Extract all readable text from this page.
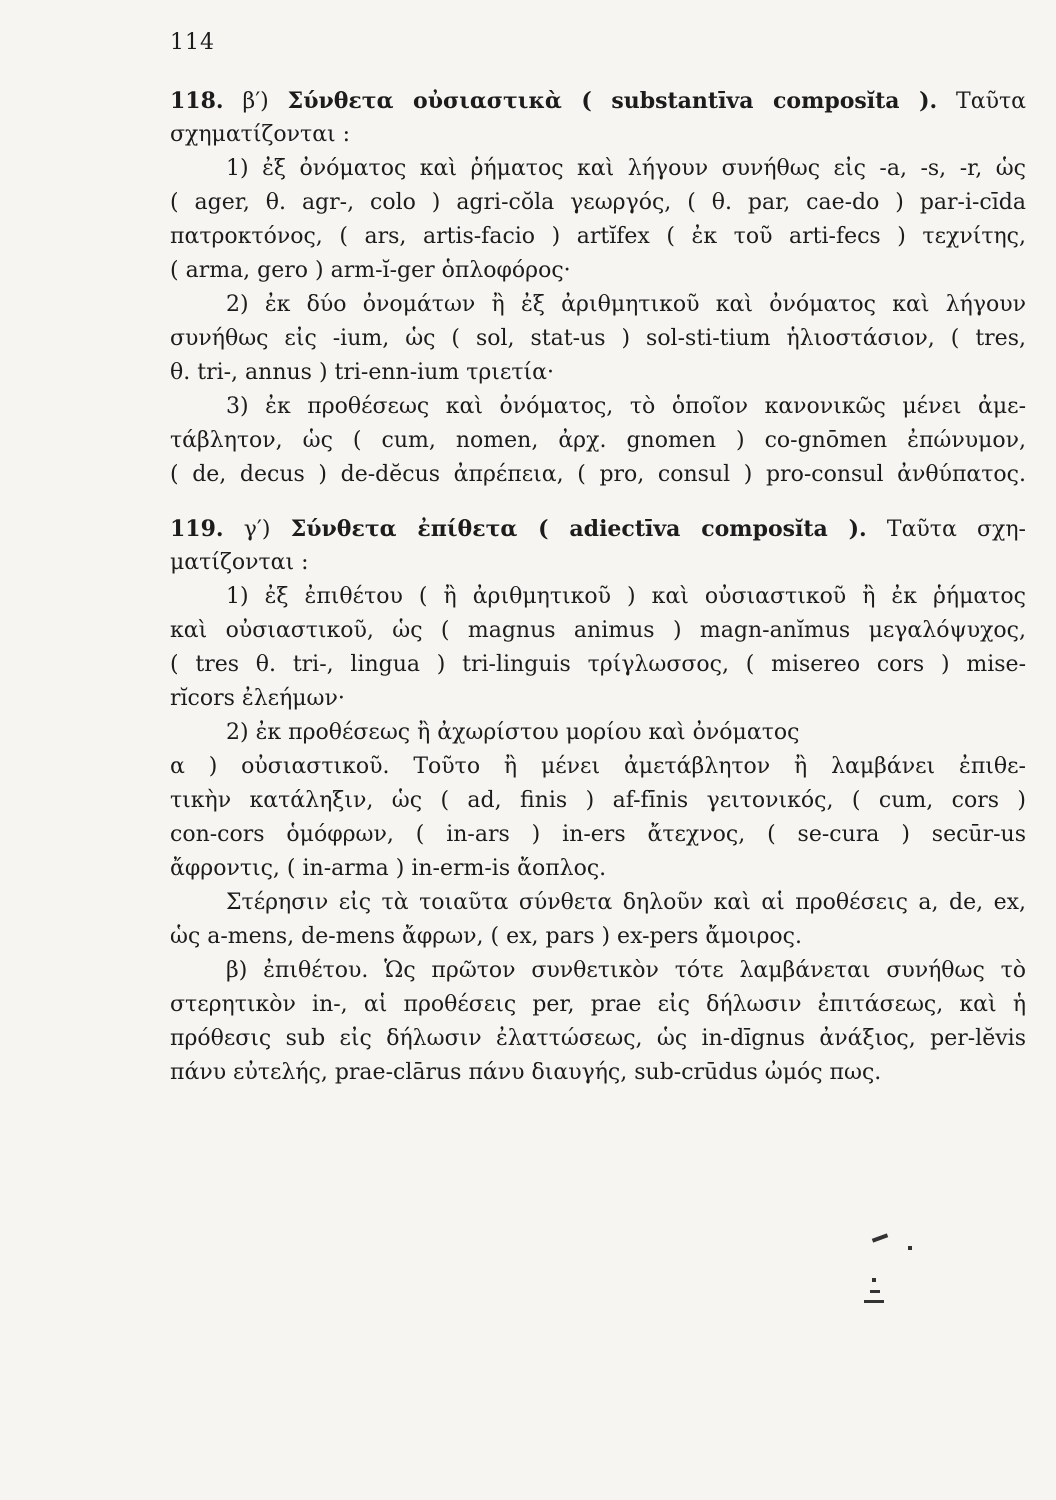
114
118. β′) Σύνθετα οὐσιαστικὰ ( substantīva composĭta ). Ταῦτα
σχηματίζονται :
1) ἐξ ὀνόματος καὶ ῥήματος καὶ λήγουν συνήθως εἰς -a, -s, -r, ὡς
( ager, θ. agr-, colo ) agri-cŏla γεωργός, ( θ. par, cae-do ) par-i-cīda
πατροκτόνος, ( ars, artis-facio ) artĭfex ( ἐκ τοῦ arti-fecs ) τεχνίτης,
( arma, gero ) arm-ĭ-ger ὁπλοφόρος·
2) ἐκ δύο ὀνομάτων ἢ ἐξ ἀριθμητικοῦ καὶ ὀνόματος καὶ λήγουν
συνήθως εἰς -ium, ὡς ( sol, stat-us ) sol-sti-tium ἡλιοστάσιον, ( tres,
θ. tri-, annus ) tri-enn-ium τριετία·
3) ἐκ προθέσεως καὶ ὀνόματος, τὸ ὁποῖον κανονικῶς μένει ἀμε-
τάβλητον, ὡς ( cum, nomen, ἀρχ. gnomen ) co-gnōmen ἐπώνυμον,
( de, decus ) de-dĕcus ἀπρέπεια, ( pro, consul ) pro-consul ἀνθύπατος.
119. γ′) Σύνθετα ἐπίθετα ( adiectīva composĭta ). Ταῦτα σχη-
ματίζονται :
1) ἐξ ἐπιθέτου ( ἢ ἀριθμητικοῦ ) καὶ οὐσιαστικοῦ ἢ ἐκ ῥήματος
καὶ οὐσιαστικοῦ, ὡς ( magnus animus ) magn-anĭmus μεγαλόψυχος,
( tres θ. tri-, lingua ) tri-linguis τρίγλωσσος, ( misereo cors ) mise-
rĭcors ἐλεήμων·
2) ἐκ προθέσεως ἢ ἀχωρίστου μορίου καὶ ὀνόματος
α ) οὐσιαστικοῦ. Τοῦτο ἢ μένει ἀμετάβλητον ἢ λαμβάνει ἐπιθε-
τικὴν κατάληξιν, ὡς ( ad, finis ) af-fīnis γειτονικός, ( cum, cors )
con-cors ὁμόφρων, ( in-ars ) in-ers ἄτεχνος, ( se-cura ) secūr-us
ἄφροντις, ( in-arma ) in-erm-is ἄοπλος.
Στέρησιν εἰς τὰ τοιαῦτα σύνθετα δηλοῦν καὶ αἱ προθέσεις a, de, ex,
ὡς a-mens, de-mens ἄφρων, ( ex, pars ) ex-pers ἄμοιρος.
β) ἐπιθέτου. Ὡς πρῶτον συνθετικὸν τότε λαμβάνεται συνήθως τὸ
στερητικὸν in-, αἱ προθέσεις per, prae εἰς δήλωσιν ἐπιτάσεως, καὶ ἡ
πρόθεσις sub εἰς δήλωσιν ἐλαττώσεως, ὡς in-dīgnus ἀνάξιος, per-lĕvis
πάνυ εὐτελής, prae-clārus πάνυ διαυγής, sub-crūdus ὠμός πως.
